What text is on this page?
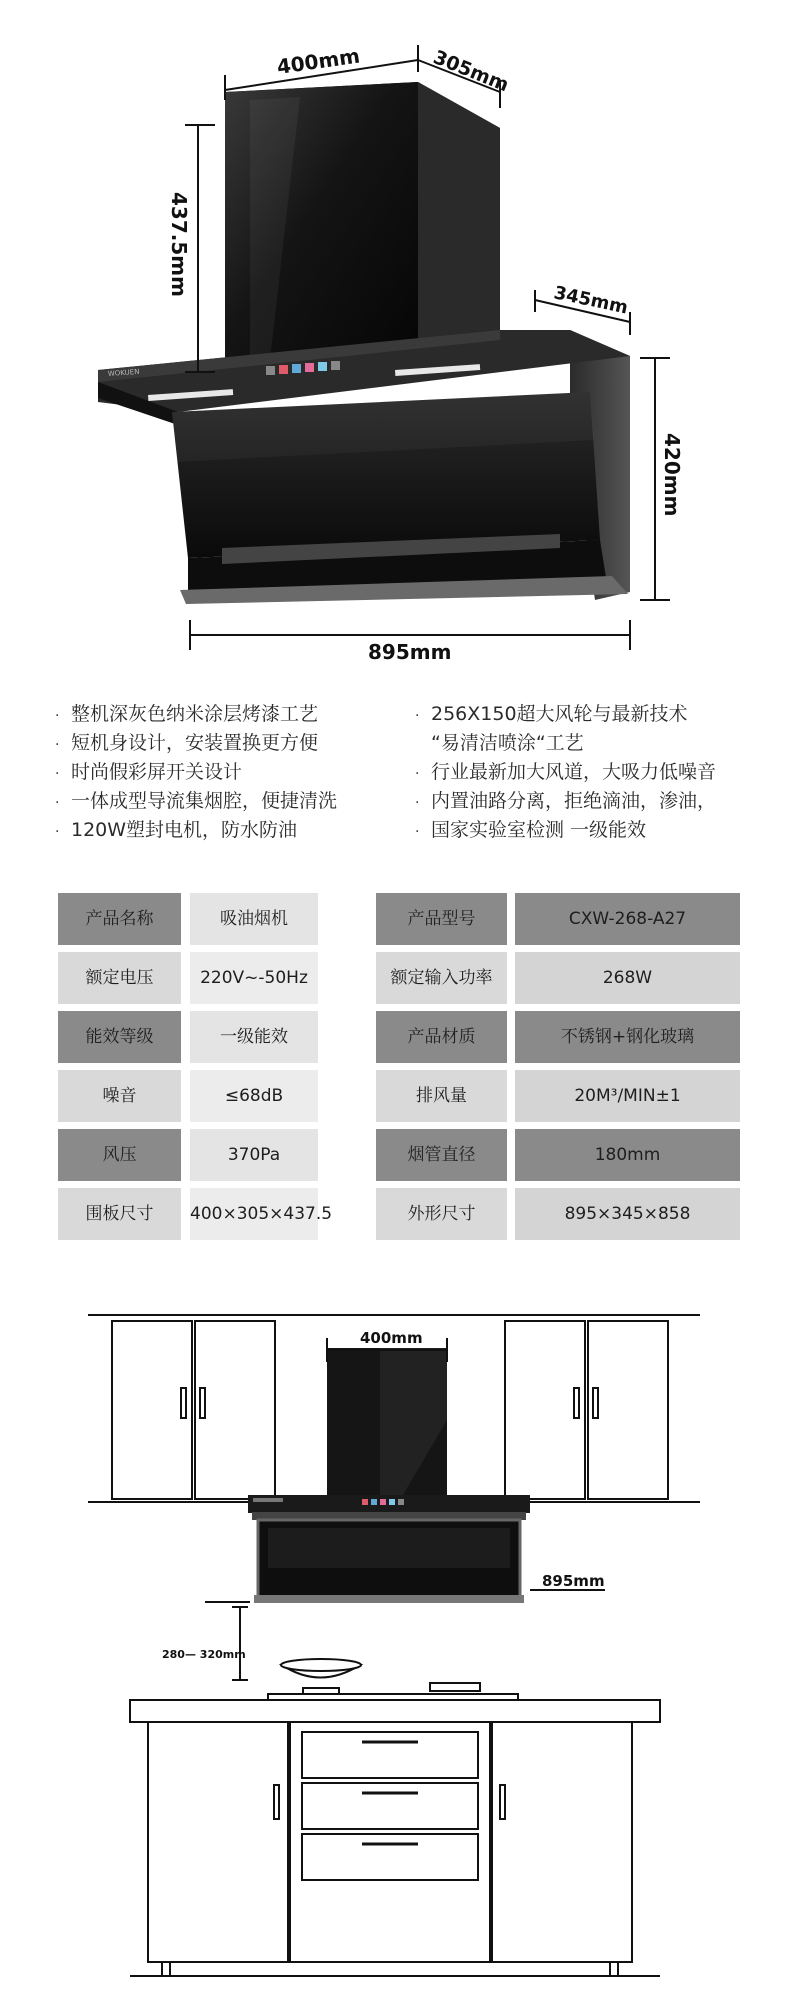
WOKUEN
400mm	305mm
437.5mm
345mm
420mm
895mm
· 整机深灰色纳米涂层烤漆工艺
· 短机身设计，安装置换更方便
· 时尚假彩屏开关设计
· 一体成型导流集烟腔，便捷清洗
· 120W塑封电机，防水防油
· 256X150超大风轮与最新技术
“易清洁喷涂“工艺
· 行业最新加大风道，大吸力低噪音
· 内置油路分离，拒绝滴油，渗油，
· 国家实验室检测 一级能效
产品名称	吸油烟机	产品型号	CXW-268-A27
额定电压	220V~-50Hz	额定输入功率	268W
能效等级	一级能效	产品材质	不锈钢+钢化玻璃
噪音	≤68dB	排风量	20M³/MIN±1
风压	370Pa	烟管直径	180mm
围板尺寸	400×305×437.5	外形尺寸	895×345×858
400mm
895mm
280— 320mm
